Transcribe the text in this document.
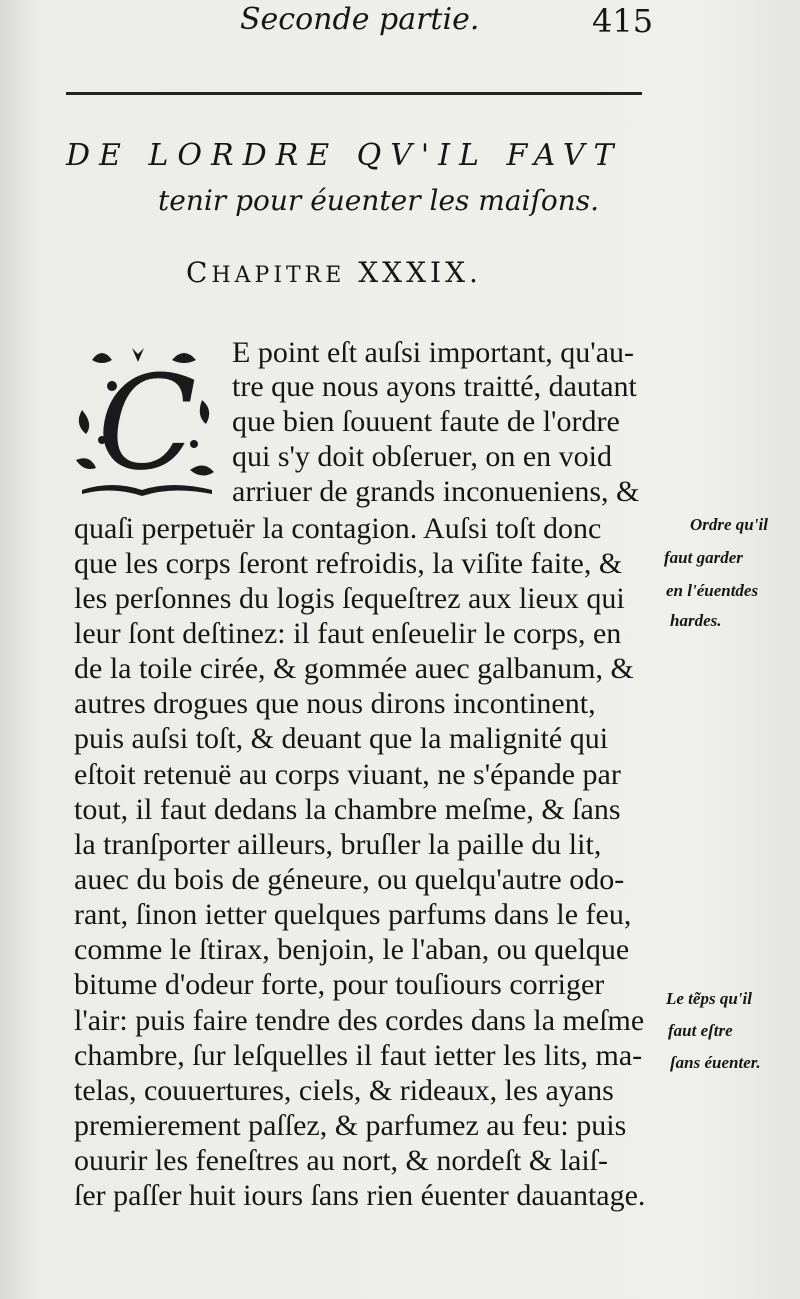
Seconde partie.	415
DE LORDRE QV'IL FAVT
tenir pour éuenter les maiſons.
CHAPITRE XXXIX.
C E point eſt auſsi important, qu'au-
tre que nous ayons traitté, dautant
que bien ſouuent faute de l'ordre
qui s'y doit obſeruer, on en void
arriuer de grands inconueniens, &
quaſi perpetuër la contagion. Auſsi toſt donc
que les corps ſeront refroidis, la viſite faite, &
les perſonnes du logis ſequeſtrez aux lieux qui
leur ſont deſtinez: il faut enſeuelir le corps, en
de la toile cirée, & gommée auec galbanum, &
autres drogues que nous dirons incontinent,
puis auſsi toſt, & deuant que la malignité qui
eſtoit retenuë au corps viuant, ne s'épande par
tout, il faut dedans la chambre meſme, & ſans
la tranſporter ailleurs, bruſler la paille du lit,
auec du bois de géneure, ou quelqu'autre odo-
rant, ſinon ietter quelques parfums dans le feu,
comme le ſtirax, benjoin, le l'aban, ou quelque
bitume d'odeur forte, pour touſiours corriger
l'air: puis faire tendre des cordes dans la meſme
chambre, ſur leſquelles il faut ietter les lits, ma-
telas, couuertures, ciels, & rideaux, les ayans
premierement paſſez, & parfumez au feu: puis
ouurir les feneſtres au nort, & nordeſt & laiſ-
ſer paſſer huit iours ſans rien éuenter dauantage.
Ordre qu'il
faut garder
en l'éuentdes
hardes.
Le tẽps qu'il
faut eſtre
ſans éuenter.
